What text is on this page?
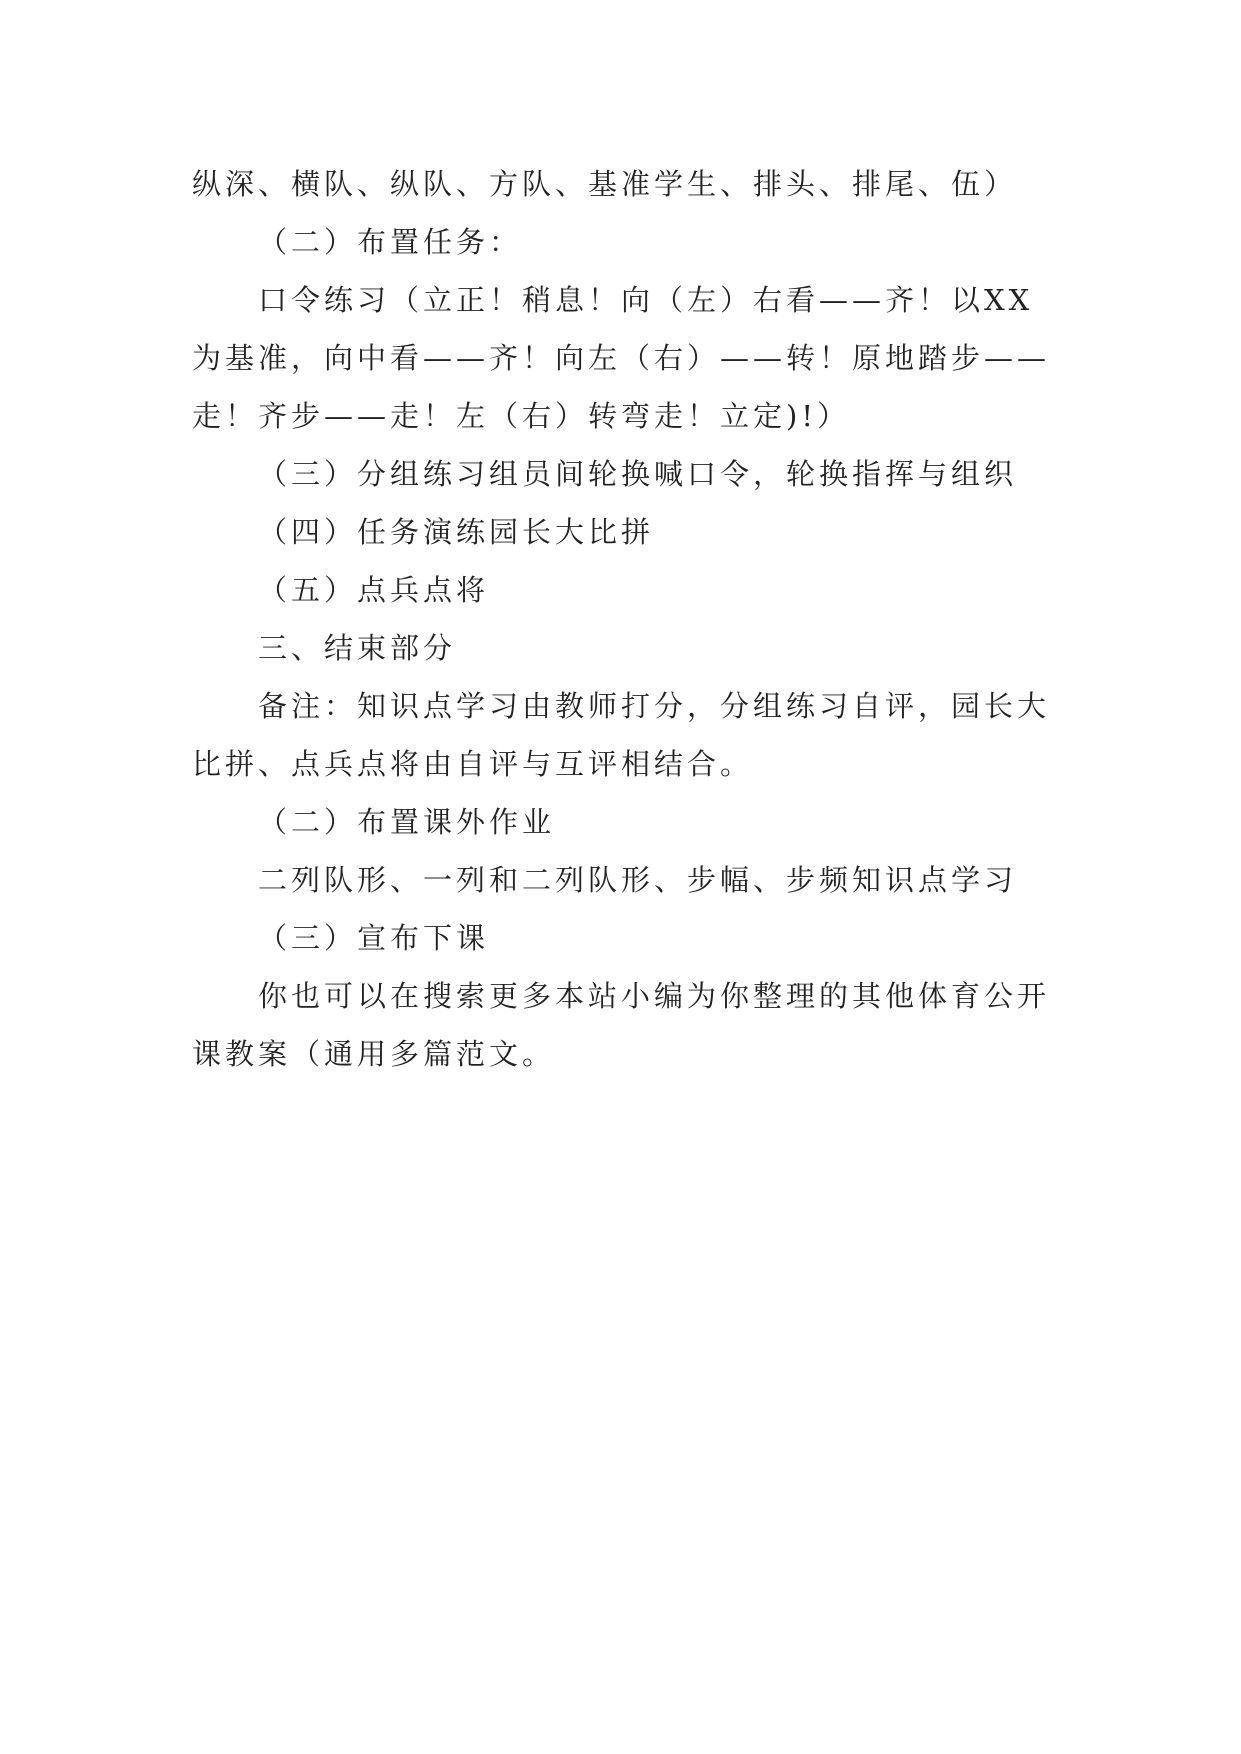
纵深、横队、纵队、方队、基准学生、排头、排尾、伍）

（二）布置任务：

口令练习（立正！稍息！向（左）右看——齐！以XX为基准，向中看——齐！向左（右）——转！原地踏步——走！齐步——走！左（右）转弯走！立定)!）

（三）分组练习组员间轮换喊口令，轮换指挥与组织

（四）任务演练园长大比拼

（五）点兵点将

三、结束部分

备注：知识点学习由教师打分，分组练习自评，园长大比拼、点兵点将由自评与互评相结合。

（二）布置课外作业

二列队形、一列和二列队形、步幅、步频知识点学习

（三）宣布下课

你也可以在搜索更多本站小编为你整理的其他体育公开课教案（通用多篇范文。
